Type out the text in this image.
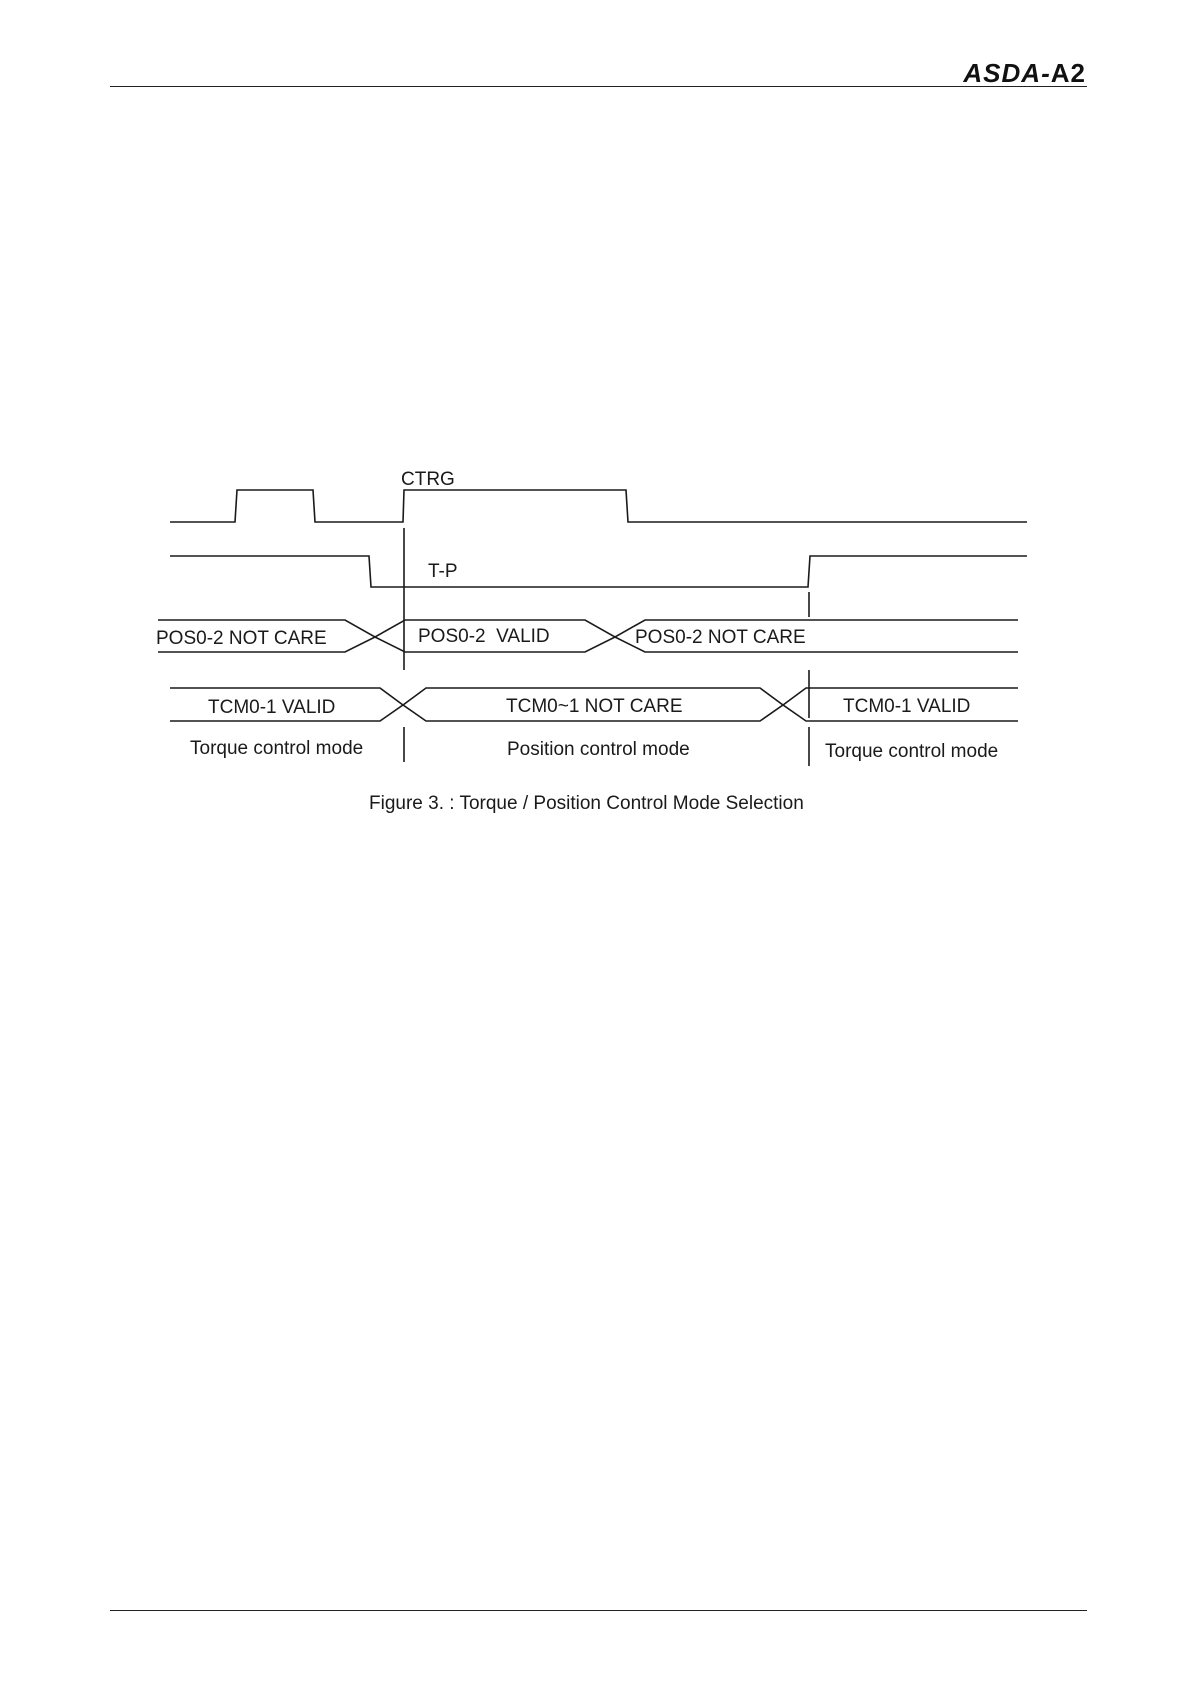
ASDA-A2
CTRG
T-P
POS0-2 NOT CARE	POS0-2  VALID	POS0-2 NOT CARE
TCM0-1 VALID	TCM0~1 NOT CARE	TCM0-1 VALID
Torque control mode	Position control mode	Torque control mode
Figure 3. : Torque / Position Control Mode Selection
